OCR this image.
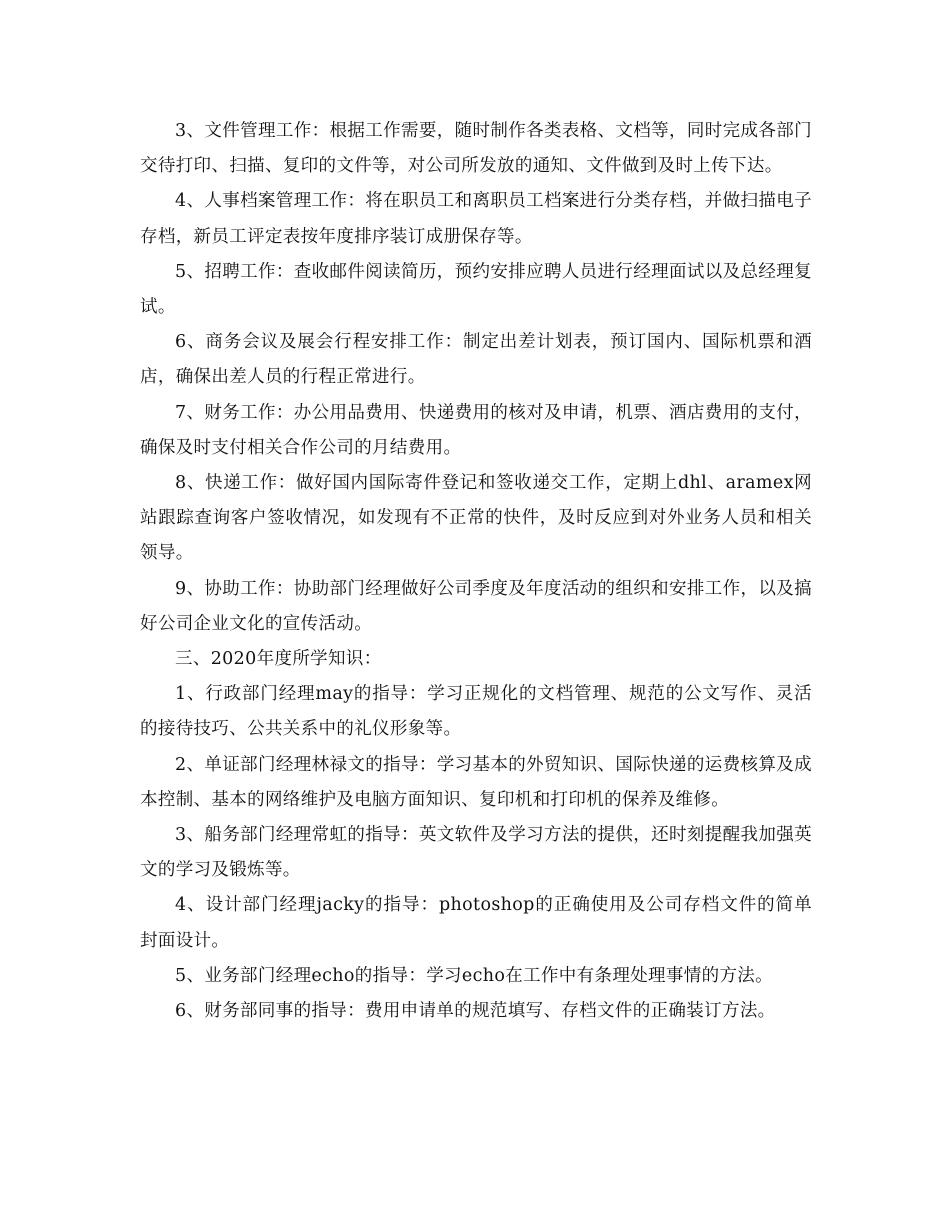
3、文件管理工作：根据工作需要，随时制作各类表格、文档等，同时完成各部门交待打印、扫描、复印的文件等，对公司所发放的通知、文件做到及时上传下达。

4、人事档案管理工作：将在职员工和离职员工档案进行分类存档，并做扫描电子存档，新员工评定表按年度排序装订成册保存等。

5、招聘工作：查收邮件阅读简历，预约安排应聘人员进行经理面试以及总经理复试。

6、商务会议及展会行程安排工作：制定出差计划表，预订国内、国际机票和酒店，确保出差人员的行程正常进行。

7、财务工作：办公用品费用、快递费用的核对及申请，机票、酒店费用的支付，确保及时支付相关合作公司的月结费用。

8、快递工作：做好国内国际寄件登记和签收递交工作，定期上dhl、aramex网站跟踪查询客户签收情况，如发现有不正常的快件，及时反应到对外业务人员和相关领导。

9、协助工作：协助部门经理做好公司季度及年度活动的组织和安排工作，以及搞好公司企业文化的宣传活动。

三、2020年度所学知识：

1、行政部门经理may的指导：学习正规化的文档管理、规范的公文写作、灵活的接待技巧、公共关系中的礼仪形象等。

2、单证部门经理林禄文的指导：学习基本的外贸知识、国际快递的运费核算及成本控制、基本的网络维护及电脑方面知识、复印机和打印机的保养及维修。

3、船务部门经理常虹的指导：英文软件及学习方法的提供，还时刻提醒我加强英文的学习及锻炼等。

4、设计部门经理jacky的指导：photoshop的正确使用及公司存档文件的简单封面设计。

5、业务部门经理echo的指导：学习echo在工作中有条理处理事情的方法。

6、财务部同事的指导：费用申请单的规范填写、存档文件的正确装订方法。
